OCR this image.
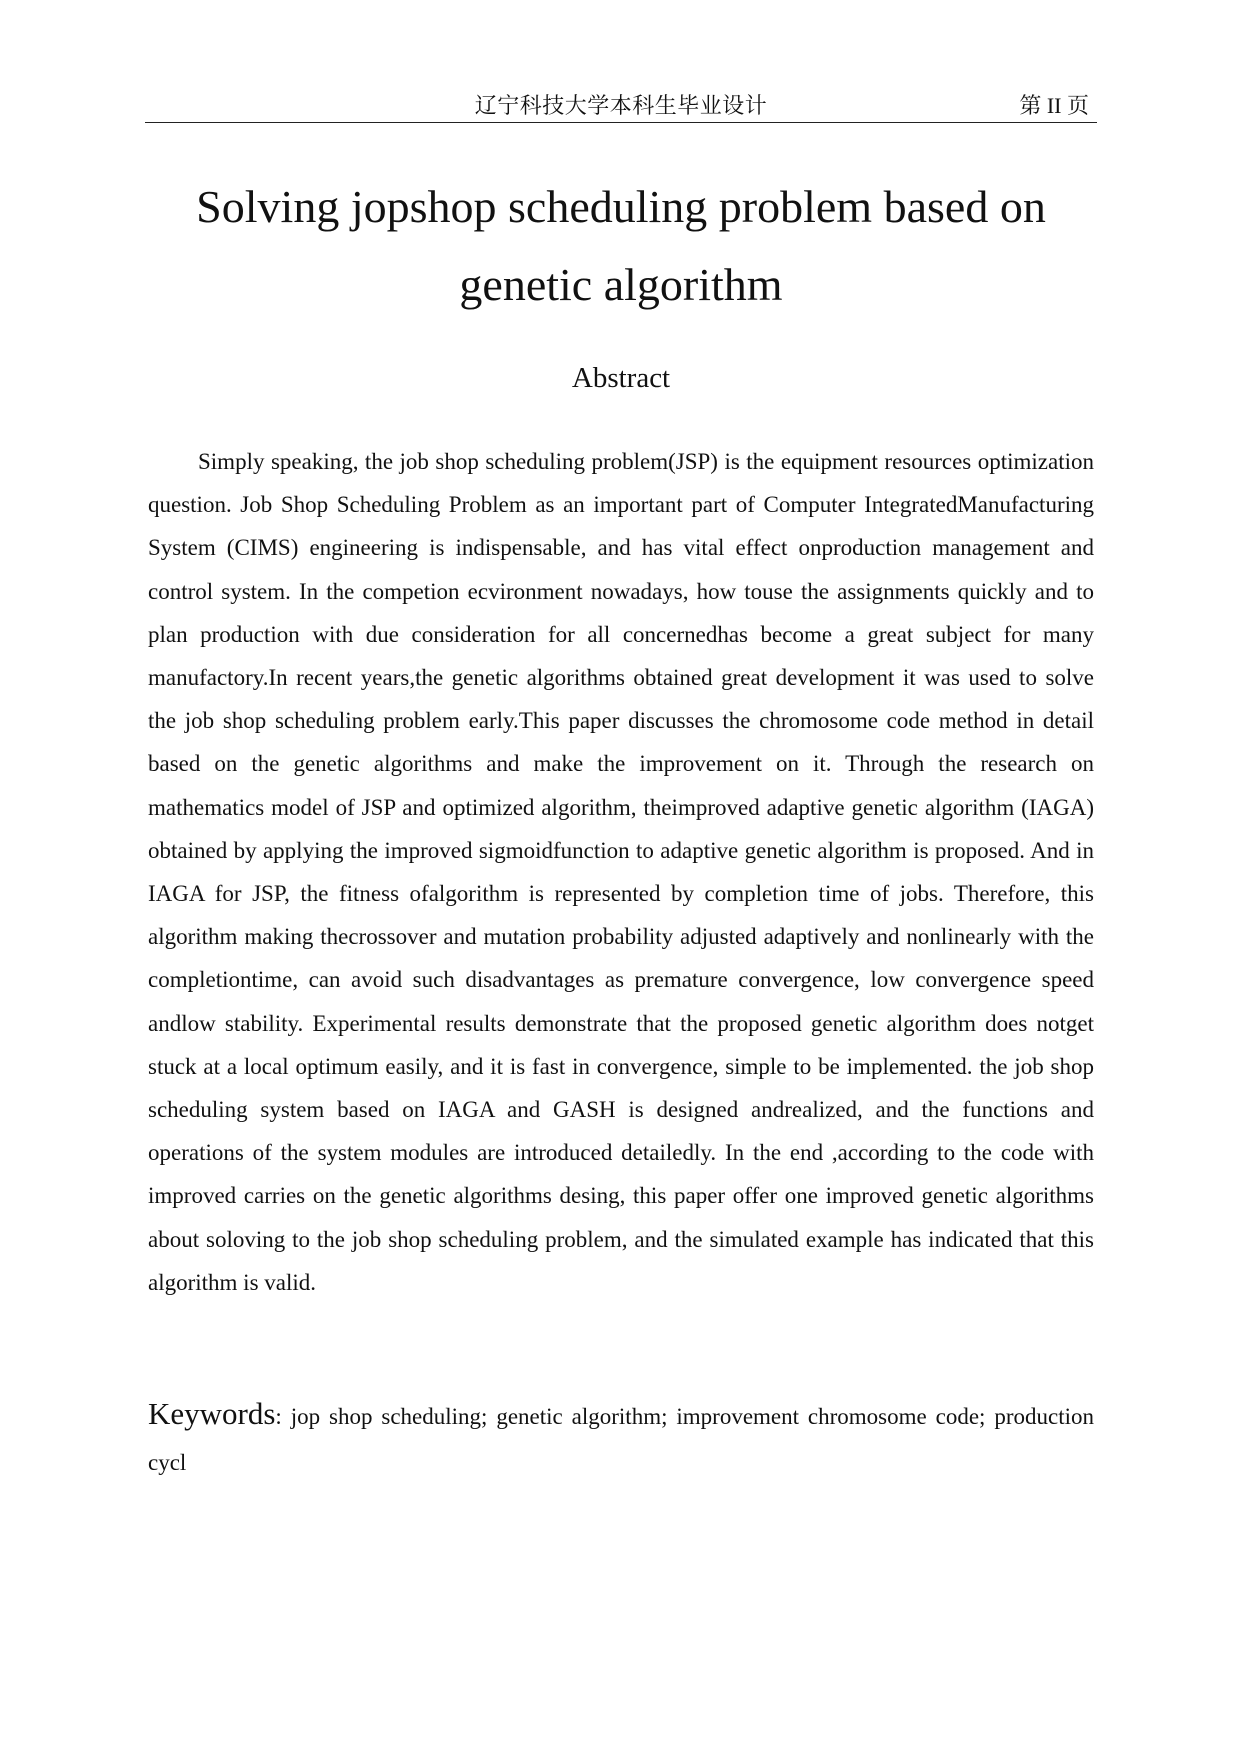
辽宁科技大学本科生毕业设计	第 II 页
Solving jopshop scheduling problem based on genetic algorithm
Abstract

Simply speaking, the job shop scheduling problem(JSP) is the equipment resources optimization question. Job Shop Scheduling Problem as an important part of Computer IntegratedManufacturing System (CIMS) engineering is indispensable, and has vital effect onproduction management and control system. In the competion ecvironment nowadays, how touse the assignments quickly and to plan production with due consideration for all concernedhas become a great subject for many manufactory.In recent years,the genetic algorithms obtained great development it was used to solve the job shop scheduling problem early.This paper discusses the chromosome code method in detail based on the genetic algorithms and make the improvement on it. Through the research on mathematics model of JSP and optimized algorithm, theimproved adaptive genetic algorithm (IAGA) obtained by applying the improved sigmoidfunction to adaptive genetic algorithm is proposed. And in IAGA for JSP, the fitness ofalgorithm is represented by completion time of jobs. Therefore, this algorithm making thecrossover and mutation probability adjusted adaptively and nonlinearly with the completiontime, can avoid such disadvantages as premature convergence, low convergence speed andlow stability. Experimental results demonstrate that the proposed genetic algorithm does notget stuck at a local optimum easily, and it is fast in convergence, simple to be implemented. the job shop scheduling system based on IAGA and GASH is designed andrealized, and the functions and operations of the system modules are introduced detailedly. In the end ,according to the code with improved carries on the genetic algorithms desing, this paper offer one improved genetic algorithms about soloving to the job shop scheduling problem, and the simulated example has indicated that this algorithm is valid.

Keywords: jop shop scheduling; genetic algorithm; improvement chromosome code; production cycl
